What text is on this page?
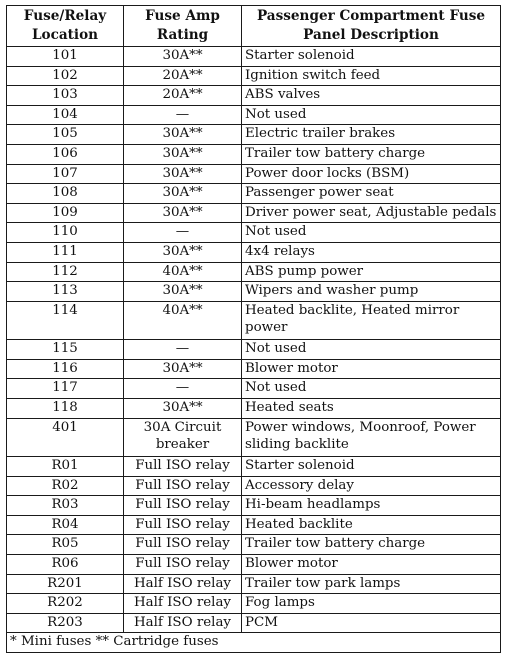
Fuse/Relay Location	Fuse Amp Rating	Passenger Compartment Fuse Panel Description
101	30A**	Starter solenoid
102	20A**	Ignition switch feed
103	20A**	ABS valves
104	—	Not used
105	30A**	Electric trailer brakes
106	30A**	Trailer tow battery charge
107	30A**	Power door locks (BSM)
108	30A**	Passenger power seat
109	30A**	Driver power seat, Adjustable pedals
110	—	Not used
111	30A**	4x4 relays
112	40A**	ABS pump power
113	30A**	Wipers and washer pump
114	40A**	Heated backlite, Heated mirror power
115	—	Not used
116	30A**	Blower motor
117	—	Not used
118	30A**	Heated seats
401	30A Circuit breaker	Power windows, Moonroof, Power sliding backlite
R01	Full ISO relay	Starter solenoid
R02	Full ISO relay	Accessory delay
R03	Full ISO relay	Hi-beam headlamps
R04	Full ISO relay	Heated backlite
R05	Full ISO relay	Trailer tow battery charge
R06	Full ISO relay	Blower motor
R201	Half ISO relay	Trailer tow park lamps
R202	Half ISO relay	Fog lamps
R203	Half ISO relay	PCM
* Mini fuses ** Cartridge fuses		
